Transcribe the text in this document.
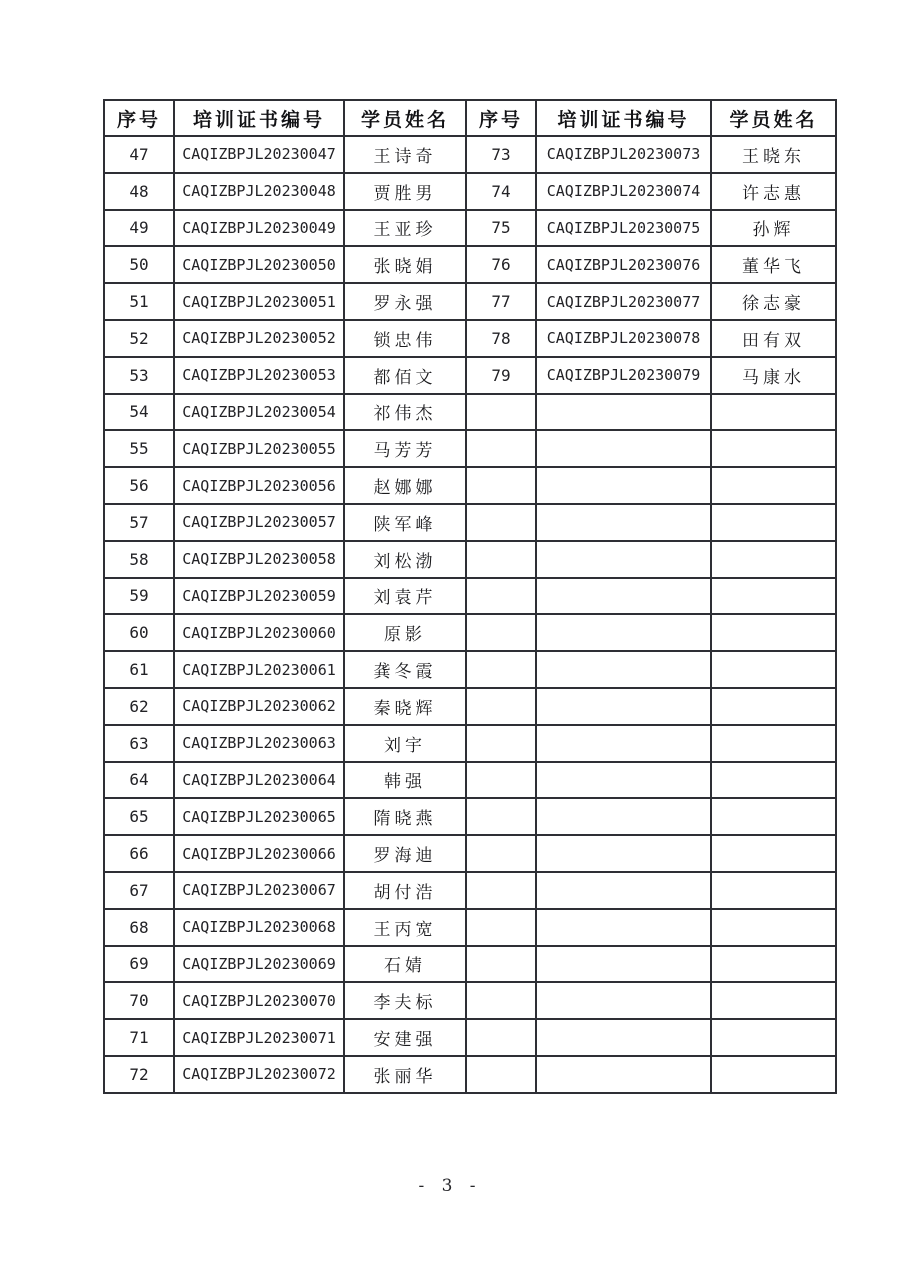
序号	培训证书编号	学员姓名	序号	培训证书编号	学员姓名
47	CAQIZBPJL20230047	王诗奇	73	CAQIZBPJL20230073	王晓东
48	CAQIZBPJL20230048	贾胜男	74	CAQIZBPJL20230074	许志惠
49	CAQIZBPJL20230049	王亚珍	75	CAQIZBPJL20230075	孙辉
50	CAQIZBPJL20230050	张晓娟	76	CAQIZBPJL20230076	董华飞
51	CAQIZBPJL20230051	罗永强	77	CAQIZBPJL20230077	徐志豪
52	CAQIZBPJL20230052	锁忠伟	78	CAQIZBPJL20230078	田有双
53	CAQIZBPJL20230053	都佰文	79	CAQIZBPJL20230079	马康水
54	CAQIZBPJL20230054	祁伟杰			
55	CAQIZBPJL20230055	马芳芳			
56	CAQIZBPJL20230056	赵娜娜			
57	CAQIZBPJL20230057	陕军峰			
58	CAQIZBPJL20230058	刘松渤			
59	CAQIZBPJL20230059	刘袁芹			
60	CAQIZBPJL20230060	原影			
61	CAQIZBPJL20230061	龚冬霞			
62	CAQIZBPJL20230062	秦晓辉			
63	CAQIZBPJL20230063	刘宇			
64	CAQIZBPJL20230064	韩强			
65	CAQIZBPJL20230065	隋晓燕			
66	CAQIZBPJL20230066	罗海迪			
67	CAQIZBPJL20230067	胡付浩			
68	CAQIZBPJL20230068	王丙宽			
69	CAQIZBPJL20230069	石婧			
70	CAQIZBPJL20230070	李夫标			
71	CAQIZBPJL20230071	安建强			
72	CAQIZBPJL20230072	张丽华			
- 3 -
